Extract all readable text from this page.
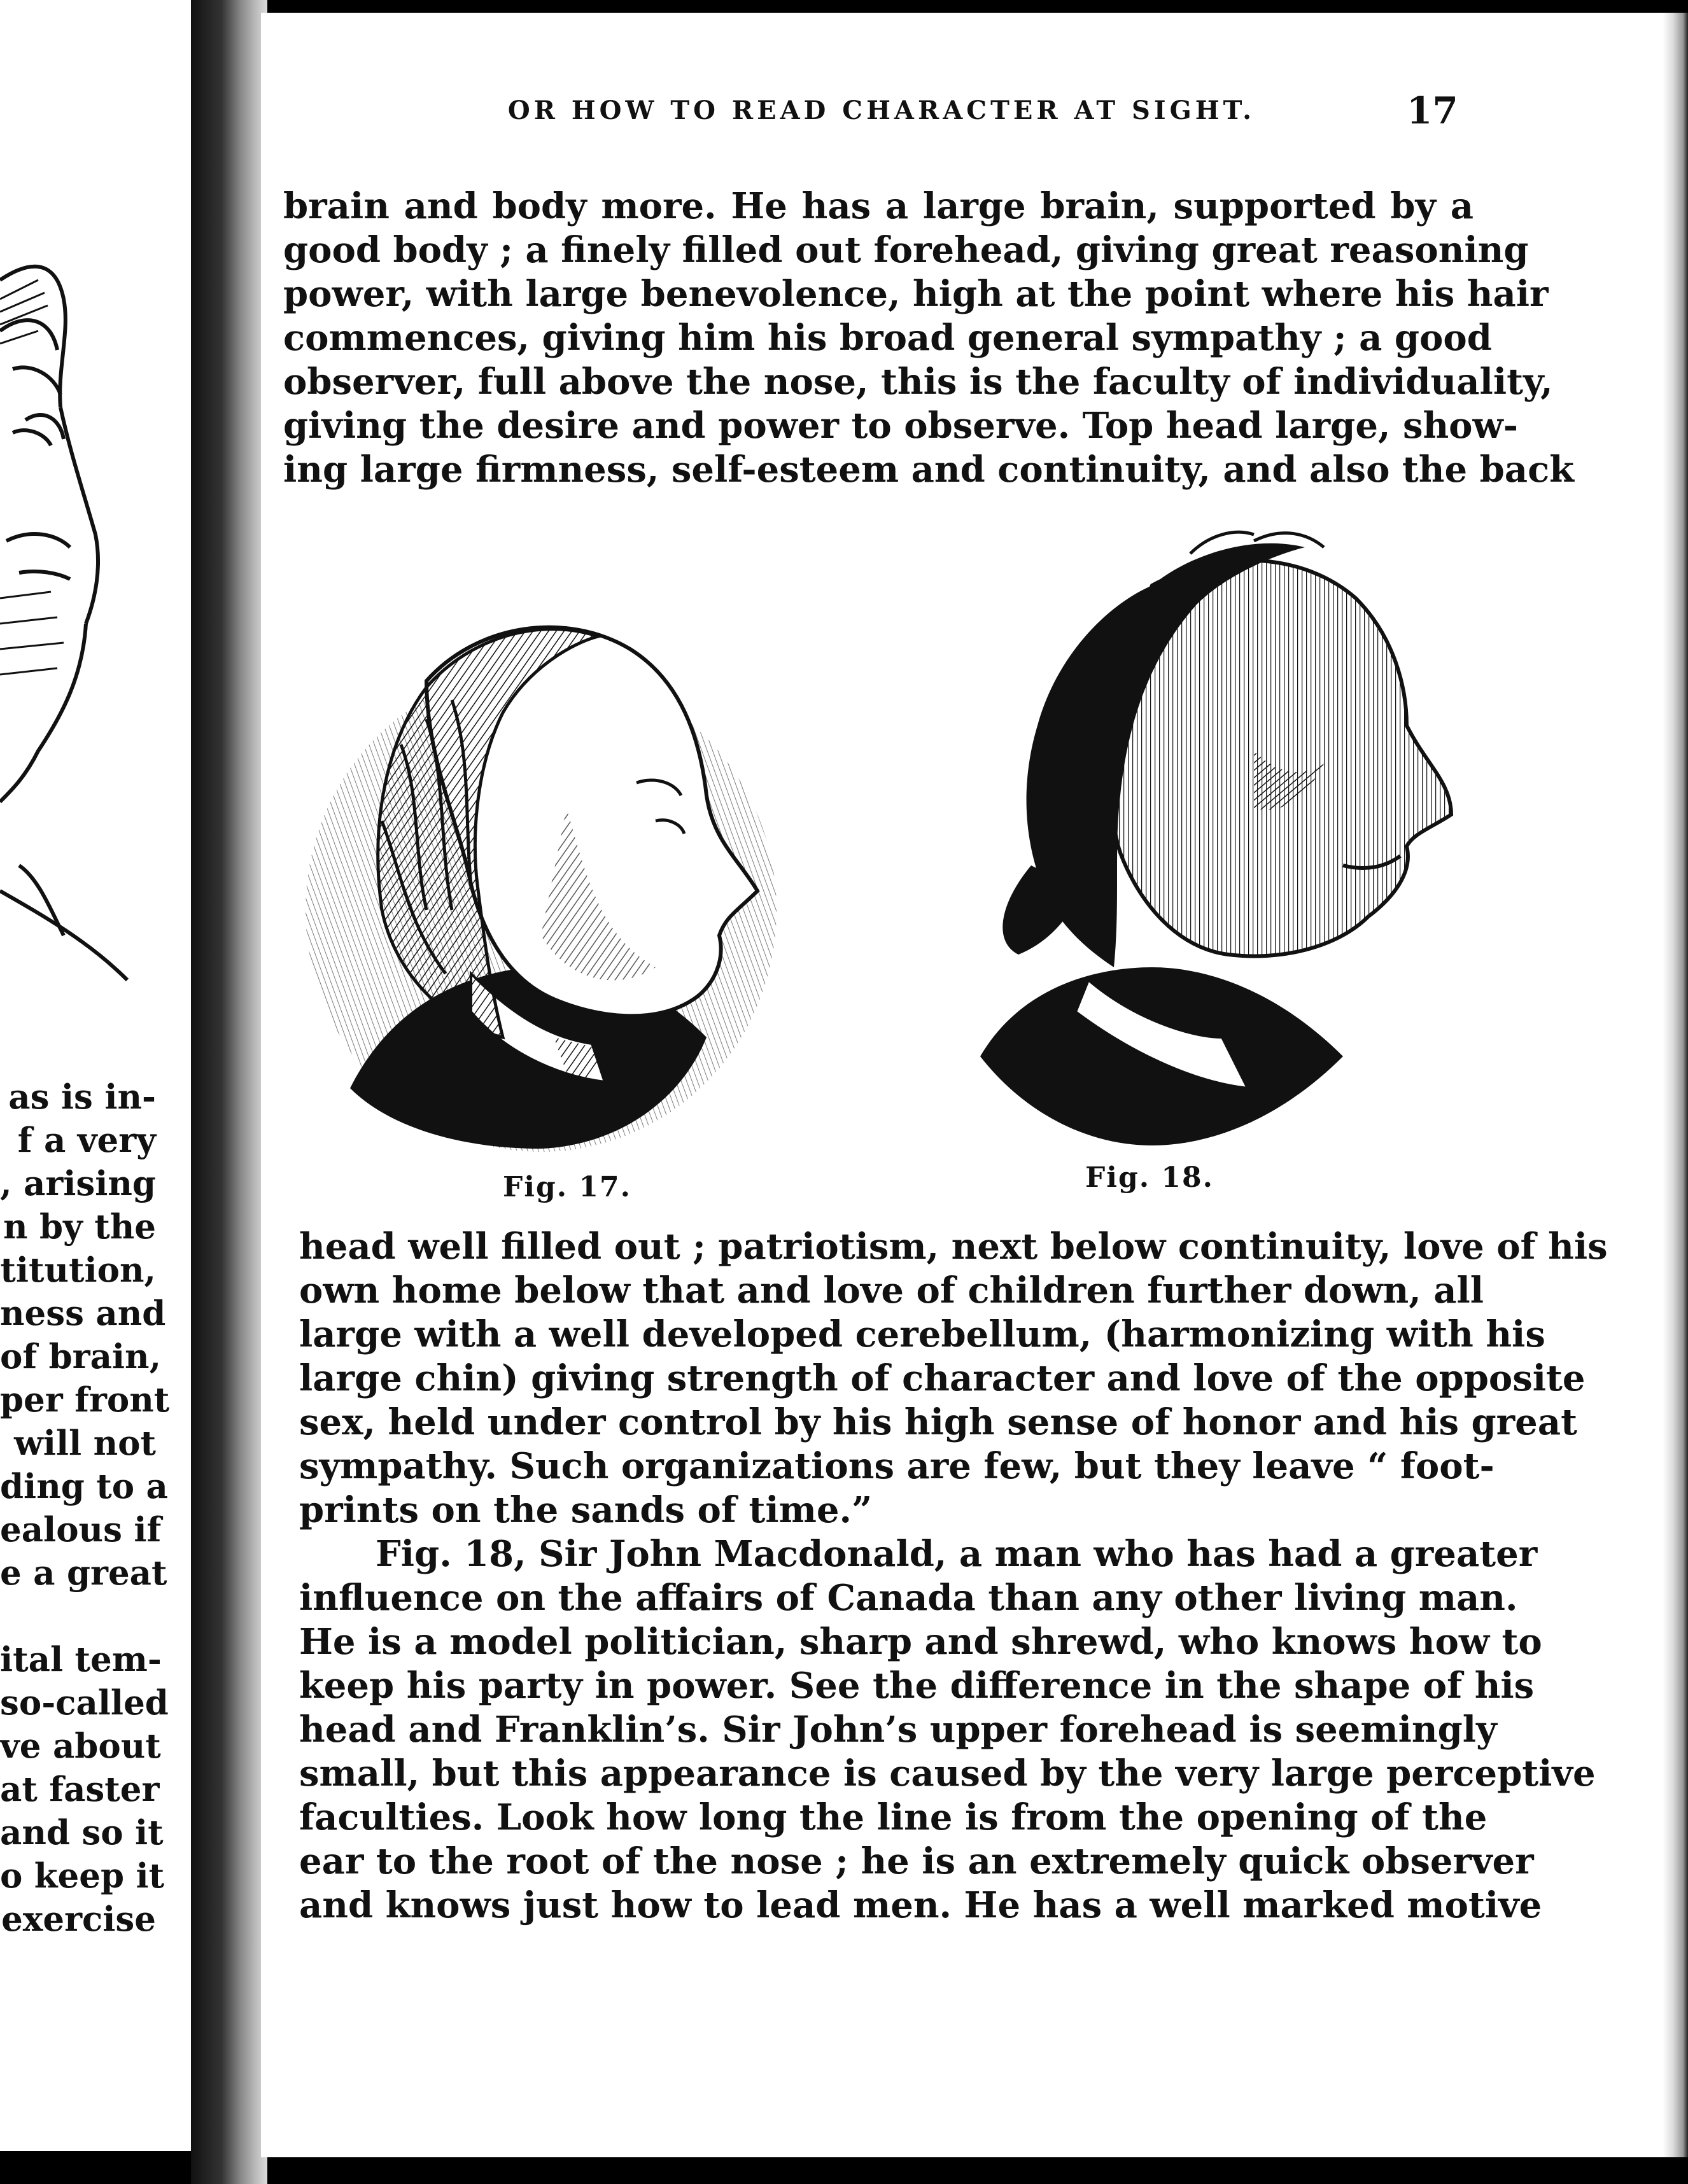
as is in-
f a very
, arising
n by the
titution,
ness and
of brain,
per front
will not
ding to a
ealous if
e a great
ital tem-
so-called
ve about
at faster
and so it
o keep it
exercise
OR HOW TO READ CHARACTER AT SIGHT.	17
brain and body more. He has a large brain, supported by a
good body ; a finely filled out forehead, giving great reasoning
power, with large benevolence, high at the point where his hair
commences, giving him his broad general sympathy ; a good
observer, full above the nose, this is the faculty of individuality,
giving the desire and power to observe. Top head large, show-
ing large firmness, self-esteem and continuity, and also the back
Fig. 17.	Fig. 18.
head well filled out ; patriotism, next below continuity, love of his
own home below that and love of children further down, all
large with a well developed cerebellum, (harmonizing with his
large chin) giving strength of character and love of the opposite
sex, held under control by his high sense of honor and his great
sympathy. Such organizations are few, but they leave “ foot-
prints on the sands of time.”
Fig. 18, Sir John Macdonald, a man who has had a greater
influence on the affairs of Canada than any other living man.
He is a model politician, sharp and shrewd, who knows how to
keep his party in power. See the difference in the shape of his
head and Franklin’s. Sir John’s upper forehead is seemingly
small, but this appearance is caused by the very large perceptive
faculties. Look how long the line is from the opening of the
ear to the root of the nose ; he is an extremely quick observer
and knows just how to lead men. He has a well marked motive
